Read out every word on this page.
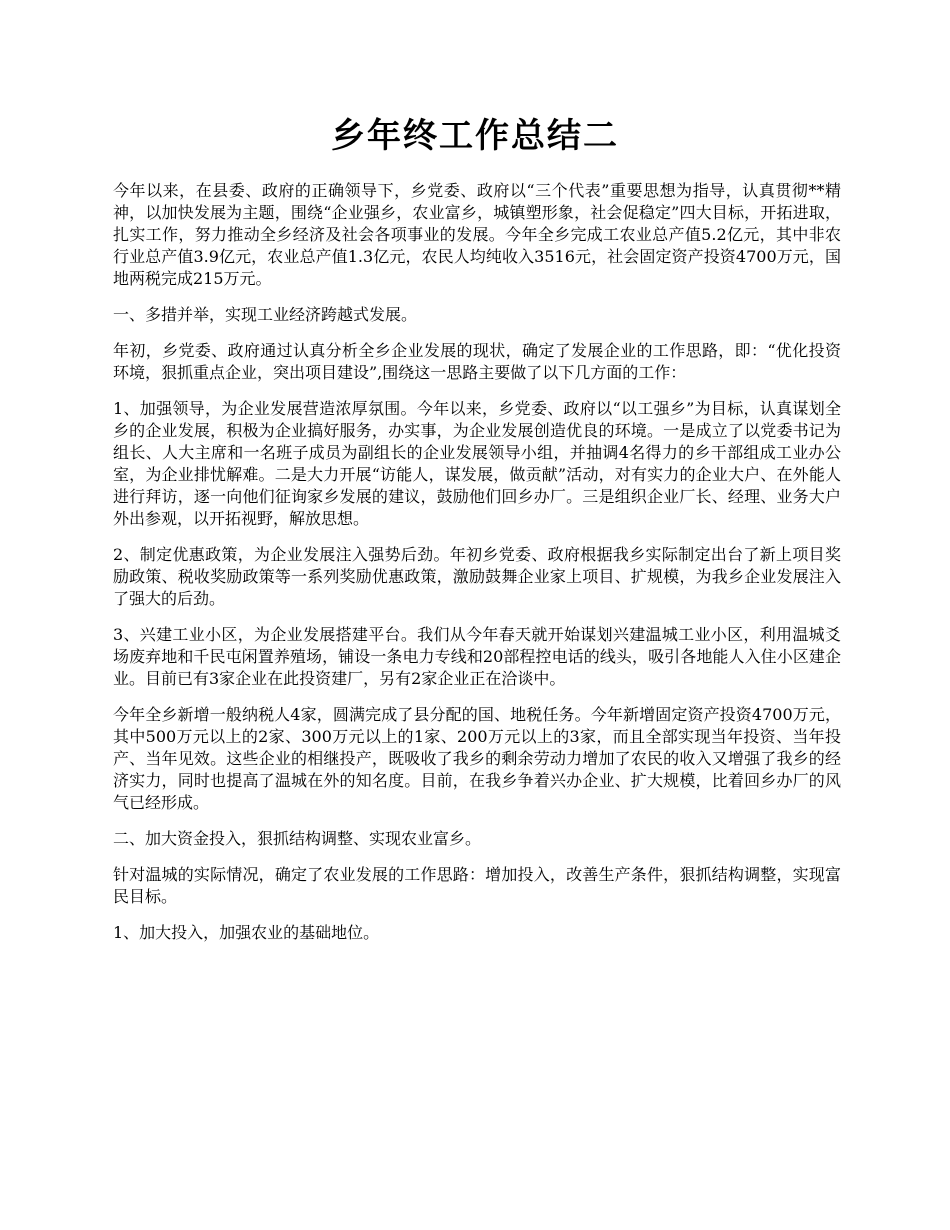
乡年终工作总结二

今年以来，在县委、政府的正确领导下，乡党委、政府以“三个代表”重要思想为指导，认真贯彻**精神，以加快发展为主题，围绕“企业强乡，农业富乡，城镇塑形象，社会促稳定”四大目标，开拓进取，扎实工作，努力推动全乡经济及社会各项事业的发展。今年全乡完成工农业总产值5.2亿元，其中非农行业总产值3.9亿元，农业总产值1.3亿元，农民人均纯收入3516元，社会固定资产投资4700万元，国地两税完成215万元。

一、多措并举，实现工业经济跨越式发展。

年初，乡党委、政府通过认真分析全乡企业发展的现状，确定了发展企业的工作思路，即：“优化投资环境，狠抓重点企业，突出项目建设”,围绕这一思路主要做了以下几方面的工作：

1、加强领导，为企业发展营造浓厚氛围。今年以来，乡党委、政府以“以工强乡”为目标，认真谋划全乡的企业发展，积极为企业搞好服务，办实事，为企业发展创造优良的环境。一是成立了以党委书记为组长、人大主席和一名班子成员为副组长的企业发展领导小组，并抽调4名得力的乡干部组成工业办公室，为企业排忧解难。二是大力开展“访能人，谋发展，做贡献”活动，对有实力的企业大户、在外能人进行拜访，逐一向他们征询家乡发展的建议，鼓励他们回乡办厂。三是组织企业厂长、经理、业务大户外出参观，以开拓视野，解放思想。

2、制定优惠政策，为企业发展注入强势后劲。年初乡党委、政府根据我乡实际制定出台了新上项目奖励政策、税收奖励政策等一系列奖励优惠政策，激励鼓舞企业家上项目、扩规模，为我乡企业发展注入了强大的后劲。

3、兴建工业小区，为企业发展搭建平台。我们从今年春天就开始谋划兴建温城工业小区，利用温城爻场废弃地和千民屯闲置养殖场，铺设一条电力专线和20部程控电话的线头，吸引各地能人入住小区建企业。目前已有3家企业在此投资建厂，另有2家企业正在洽谈中。

今年全乡新增一般纳税人4家，圆满完成了县分配的国、地税任务。今年新增固定资产投资4700万元，其中500万元以上的2家、300万元以上的1家、200万元以上的3家，而且全部实现当年投资、当年投产、当年见效。这些企业的相继投产，既吸收了我乡的剩余劳动力增加了农民的收入又增强了我乡的经济实力，同时也提高了温城在外的知名度。目前，在我乡争着兴办企业、扩大规模，比着回乡办厂的风气已经形成。

二、加大资金投入，狠抓结构调整、实现农业富乡。

针对温城的实际情况，确定了农业发展的工作思路：增加投入，改善生产条件，狠抓结构调整，实现富民目标。

1、加大投入，加强农业的基础地位。
